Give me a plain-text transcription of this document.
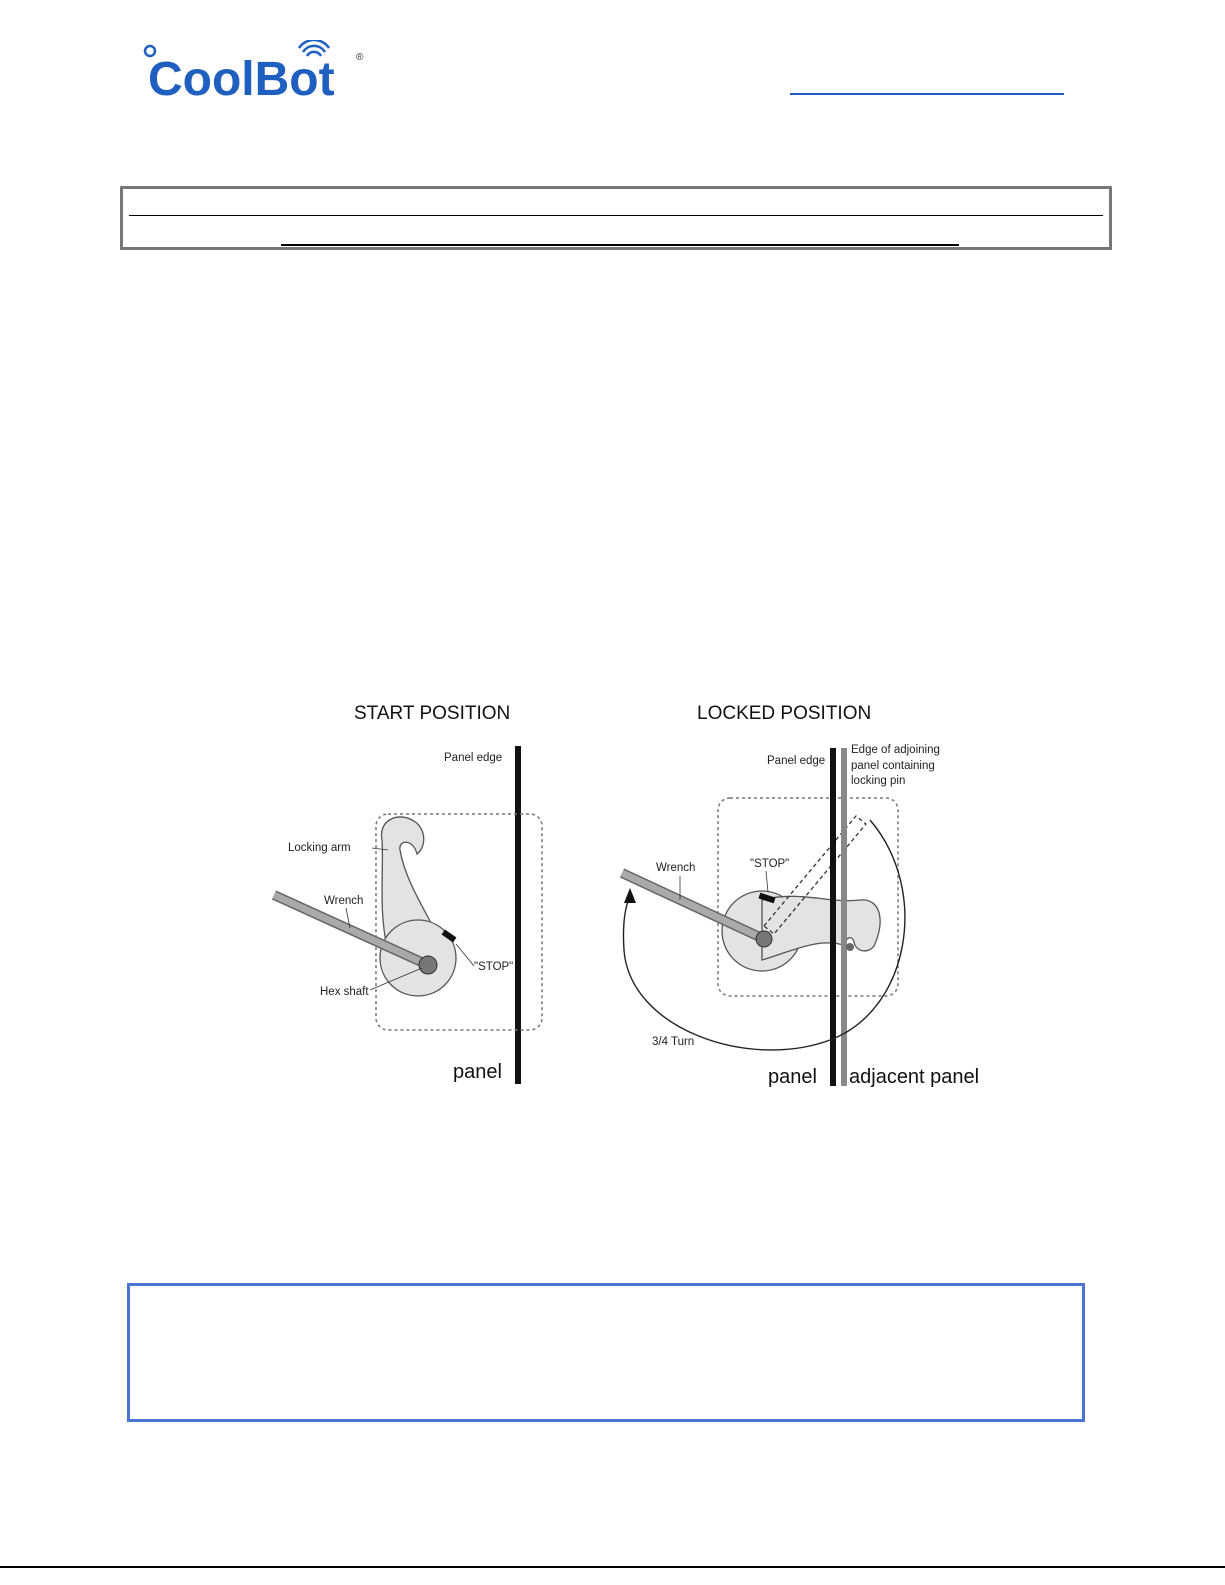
CoolBot ®
START POSITION
Panel edge
Locking arm
Wrench
"STOP"
Hex shaft
panel
LOCKED POSITION
Panel edge
Edge of adjoining
panel containing
locking pin
Wrench	"STOP"
3/4 Turn
panel adjacent panel
